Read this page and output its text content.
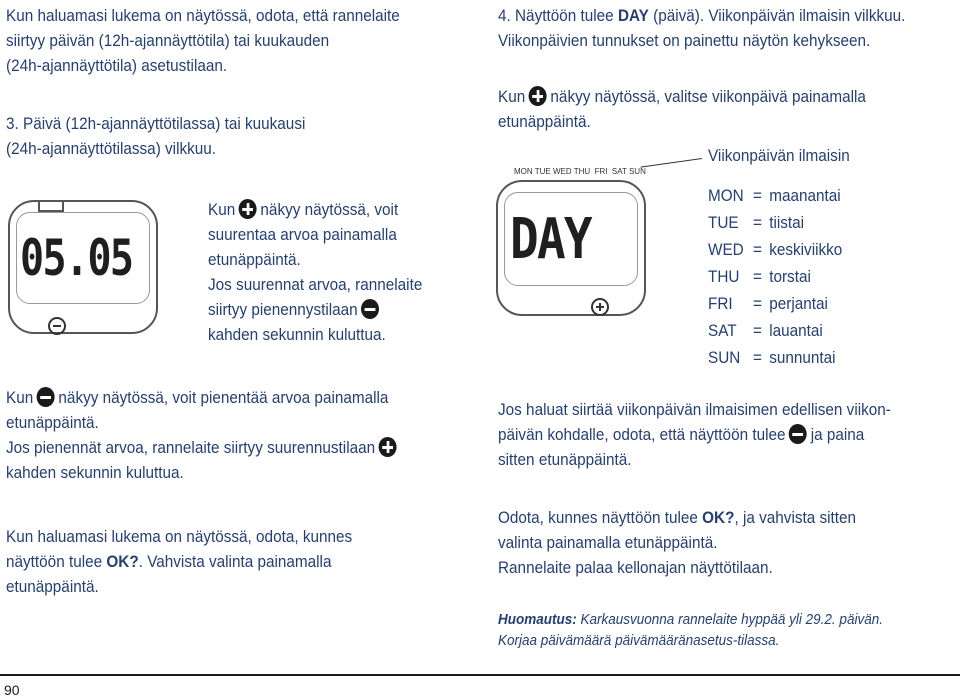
Kun haluamasi lukema on näytössä, odota, että rannelaite
siirtyy päivän (12h-ajannäyttötila) tai kuukauden
(24h-ajannäyttötila) asetustilaan.
3. Päivä (12h-ajannäyttötilassa) tai kuukausi
(24h-ajannäyttötilassa) vilkkuu.
05.05
Kun näkyy näytössä, voit
suurentaa arvoa painamalla
etunäppäintä.
Jos suurennat arvoa, rannelaite
siirtyy pienennystilaan
kahden sekunnin kuluttua.
Kun näkyy näytössä, voit pienentää arvoa painamalla
etunäppäintä.
Jos pienennät arvoa, rannelaite siirtyy suurennustilaan
kahden sekunnin kuluttua.
Kun haluamasi lukema on näytössä, odota, kunnes
näyttöön tulee OK?. Vahvista valinta painamalla
etunäppäintä.
4. Näyttöön tulee DAY (päivä). Viikonpäivän ilmaisin vilkkuu.
Viikonpäivien tunnukset on painettu näytön kehykseen.
Kun näkyy näytössä, valitse viikonpäivä painamalla
etunäppäintä.
Viikonpäivän ilmaisin
MON TUE WED THU  FRI  SAT SUN
DAY
MON = maanantai
TUE = tiistai
WED = keskiviikko
THU = torstai
FRI	= perjantai
SAT = lauantai
SUN = sunnuntai
Jos haluat siirtää viikonpäivän ilmaisimen edellisen viikon-
päivän kohdalle, odota, että näyttöön tulee ja paina
sitten etunäppäintä.
Odota, kunnes näyttöön tulee OK?, ja vahvista sitten
valinta painamalla etunäppäintä.
Rannelaite palaa kellonajan näyttötilaan.
Huomautus: Karkausvuonna rannelaite hyppää yli 29.2. päivän.
Korjaa päivämäärä päivämääränasetus-tilassa.
90
